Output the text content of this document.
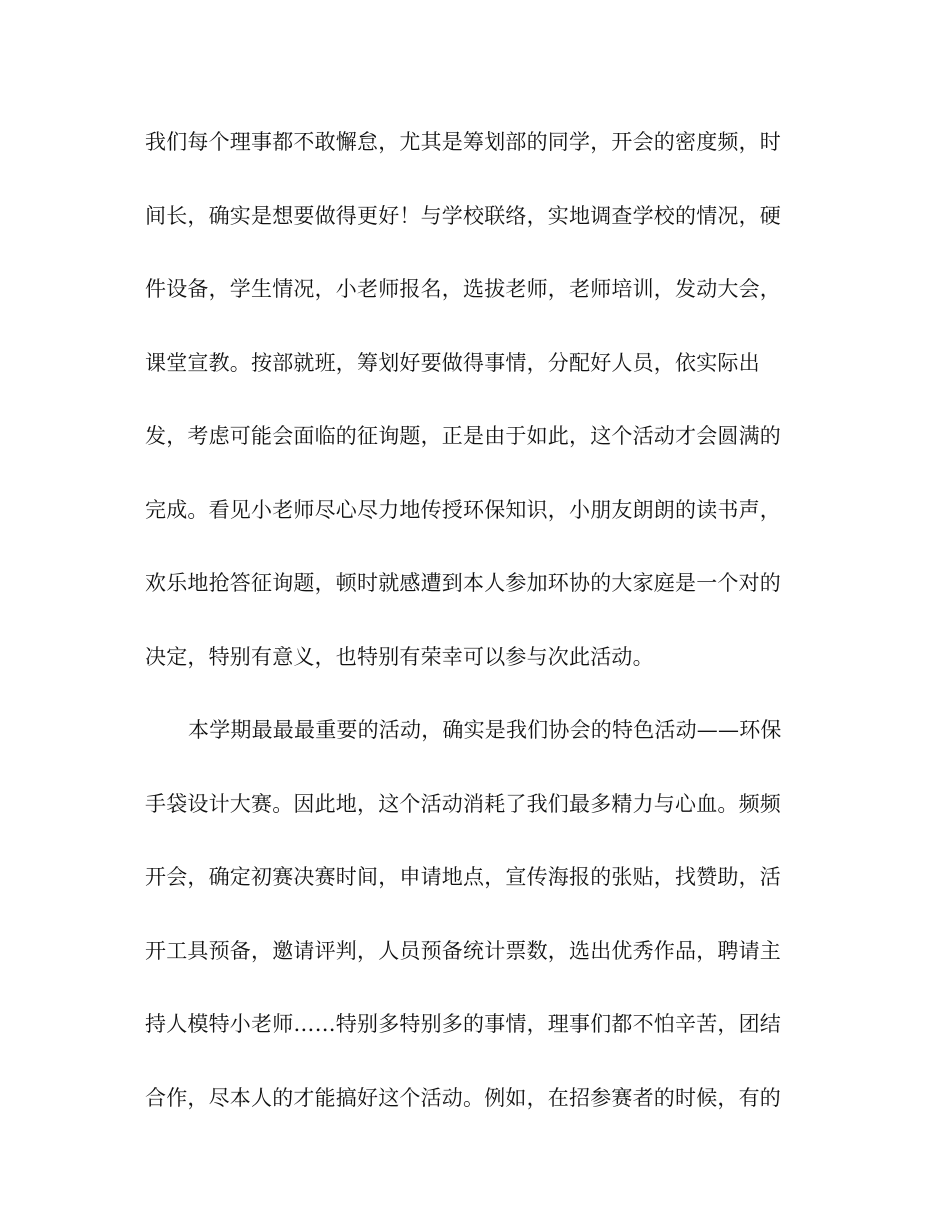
我们每个理事都不敢懈怠，尤其是筹划部的同学，开会的密度频，时
间长，确实是想要做得更好！与学校联络，实地调查学校的情况，硬
件设备，学生情况，小老师报名，选拔老师，老师培训，发动大会，
课堂宣教。按部就班，筹划好要做得事情，分配好人员，依实际出
发，考虑可能会面临的征询题，正是由于如此，这个活动才会圆满的
完成。看见小老师尽心尽力地传授环保知识，小朋友朗朗的读书声，
欢乐地抢答征询题，顿时就感遭到本人参加环协的大家庭是一个对的
决定，特别有意义，也特别有荣幸可以参与次此活动。
本学期最最最重要的活动，确实是我们协会的特色活动——环保
手袋设计大赛。因此地，这个活动消耗了我们最多精力与心血。频频
开会，确定初赛决赛时间，申请地点，宣传海报的张贴，找赞助，活
开工具预备，邀请评判，人员预备统计票数，选出优秀作品，聘请主
持人模特小老师……特别多特别多的事情，理事们都不怕辛苦，团结
合作，尽本人的才能搞好这个活动。例如，在招参赛者的时候，有的
